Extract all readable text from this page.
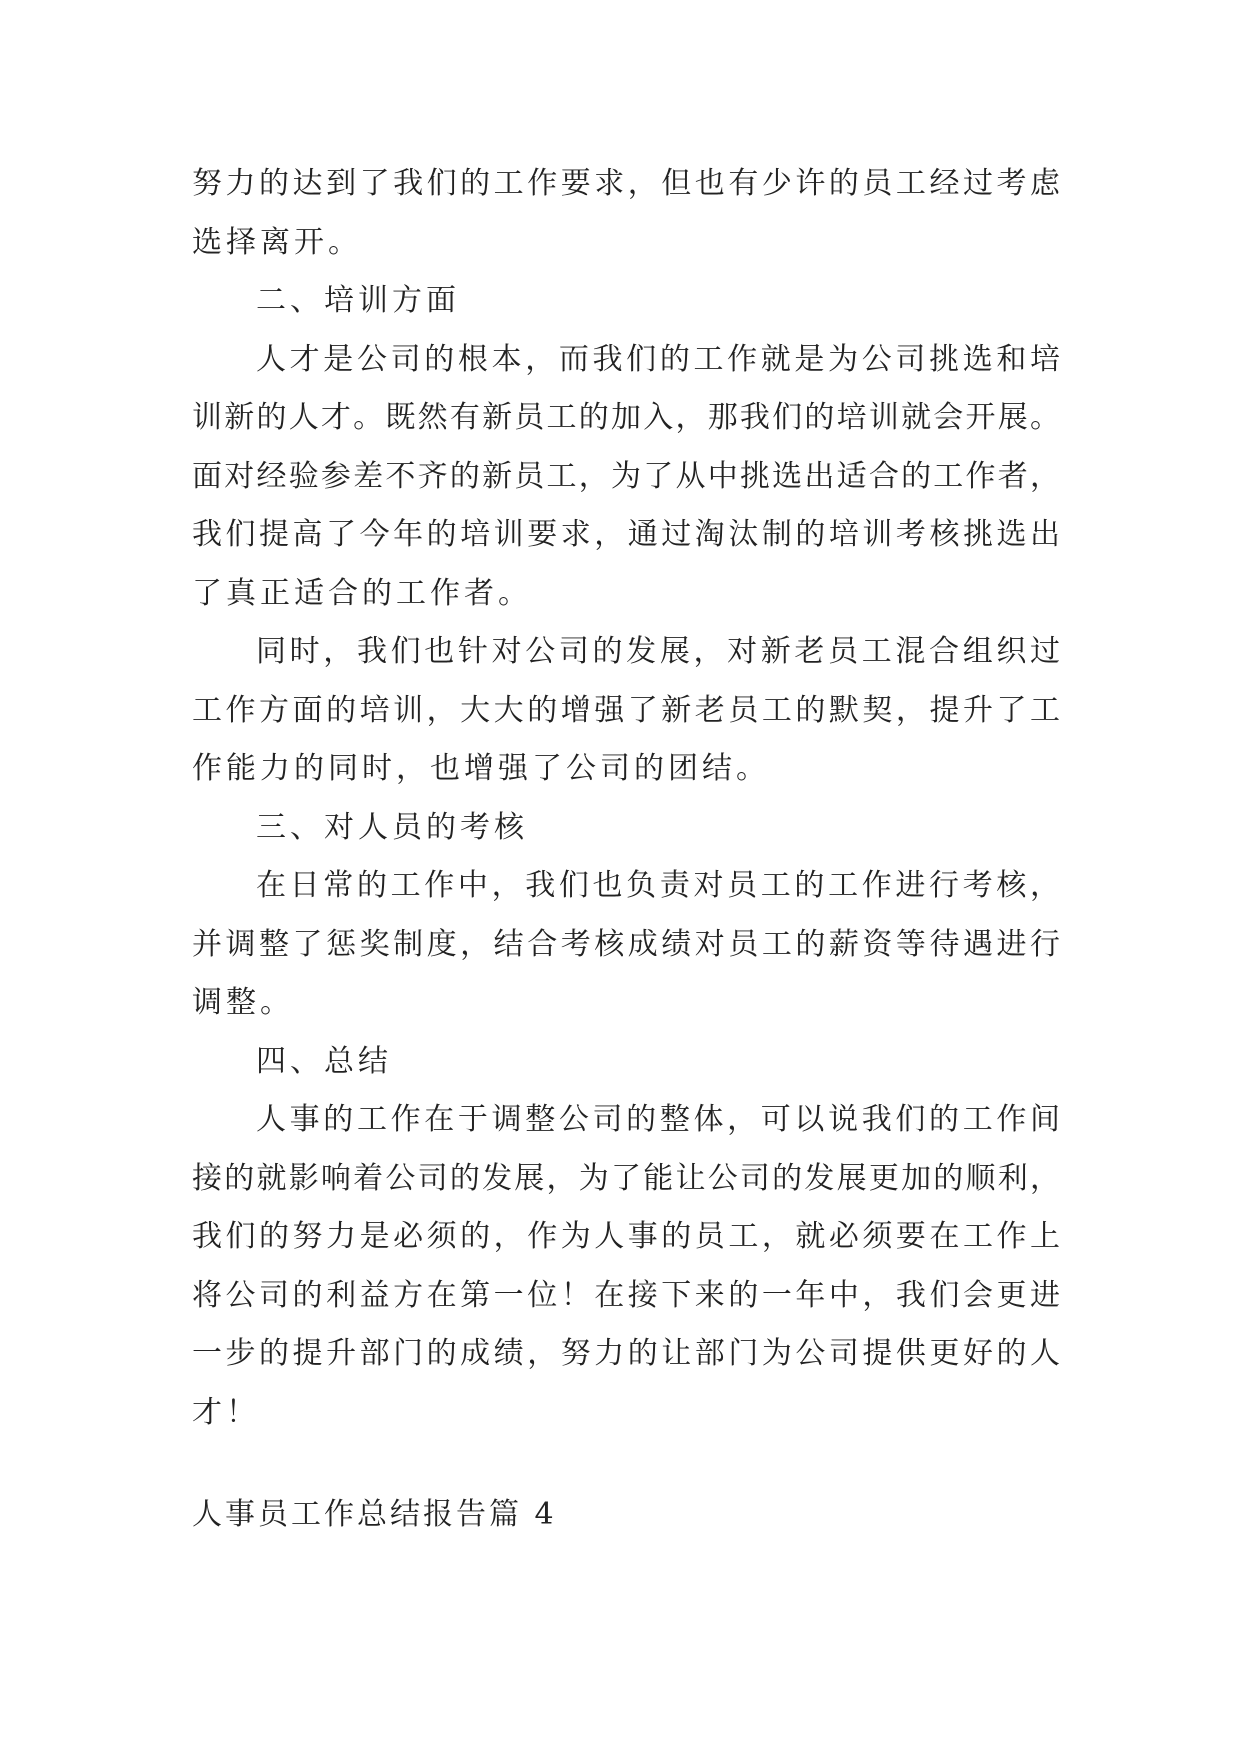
努力的达到了我们的工作要求，但也有少许的员工经过考虑
选择离开。
二、培训方面
人才是公司的根本，而我们的工作就是为公司挑选和培
训新的人才。既然有新员工的加入，那我们的培训就会开展。
面对经验参差不齐的新员工，为了从中挑选出适合的工作者，
我们提高了今年的培训要求，通过淘汰制的培训考核挑选出
了真正适合的工作者。
同时，我们也针对公司的发展，对新老员工混合组织过
工作方面的培训，大大的增强了新老员工的默契，提升了工
作能力的同时，也增强了公司的团结。
三、对人员的考核
在日常的工作中，我们也负责对员工的工作进行考核，
并调整了惩奖制度，结合考核成绩对员工的薪资等待遇进行
调整。
四、总结
人事的工作在于调整公司的整体，可以说我们的工作间
接的就影响着公司的发展，为了能让公司的发展更加的顺利，
我们的努力是必须的，作为人事的员工，就必须要在工作上
将公司的利益方在第一位！在接下来的一年中，我们会更进
一步的提升部门的成绩，努力的让部门为公司提供更好的人
才！
人事员工作总结报告篇 4
